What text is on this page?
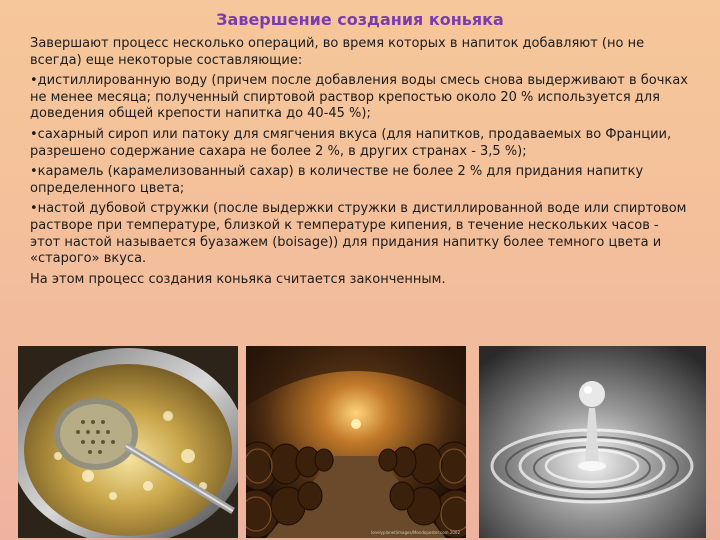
Завершение создания коньяка

Завершают процесс несколько операций, во время которых в напиток добавляют (но не всегда) еще некоторые составляющие:

•дистиллированную воду (причем после добавления воды смесь снова выдерживают в бочках не менее месяца; полученный спиртовой раствор крепостью около 20 % используется для доведения общей крепости напитка до 40-45 %);

•сахарный сироп или патоку для смягчения вкуса (для напитков, продаваемых во Франции, разрешено содержание сахара не более 2 %, в других странах - 3,5 %);

•карамель (карамелизованный сахар) в количестве не более 2 % для придания напитку определенного цвета;

•настой дубовой стружки (после выдержки стружки в дистиллированной воде или спиртовом растворе при температуре, близкой к температуре кипения, в течение нескольких часов - этот настой называется буазажем (boisage)) для придания напитку более темного цвета и «старого» вкуса.

На этом процесс создания коньяка считается законченным.

lonelyplanet/images/Mondoposter.com.2002
